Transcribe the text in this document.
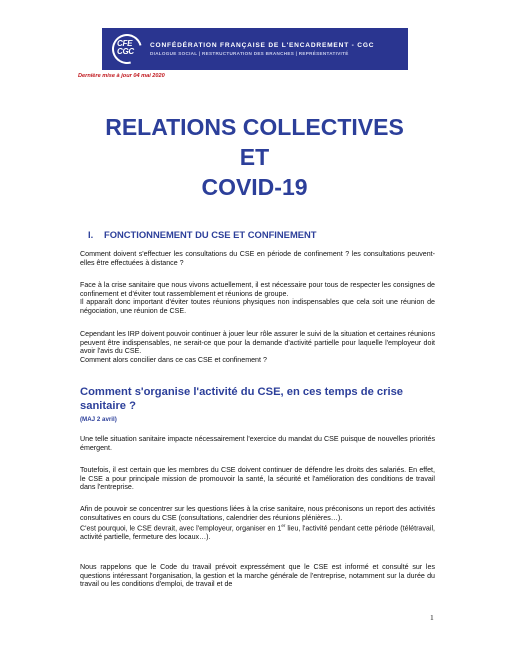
CFE CGC
CONFÉDÉRATION FRANÇAISE DE L'ENCADREMENT - CGC
DIALOGUE SOCIAL | RESTRUCTURATION DES BRANCHES | REPRÉSENTATIVITÉ
Dernière mise à jour 04 mai 2020
RELATIONS COLLECTIVES
ET
COVID-19
I. FONCTIONNEMENT DU CSE ET CONFINEMENT

Comment doivent s'effectuer les consultations du CSE en période de confinement ? les consultations peuvent-elles être effectuées à distance ?

Face à la crise sanitaire que nous vivons actuellement, il est nécessaire pour tous de respecter les consignes de confinement et d'éviter tout rassemblement et réunions de groupe.

Il apparaît donc important d'éviter toutes réunions physiques non indispensables que cela soit une réunion de négociation, une réunion de CSE.

Cependant les IRP doivent pouvoir continuer à jouer leur rôle assurer le suivi de la situation et certaines réunions peuvent être indispensables, ne serait-ce que pour la demande d'activité partielle pour laquelle l'employeur doit avoir l'avis du CSE.

Comment alors concilier dans ce cas CSE et confinement ?

Comment s'organise l'activité du CSE, en ces temps de crise sanitaire ?
(MAJ 2 avril)

Une telle situation sanitaire impacte nécessairement l'exercice du mandat du CSE puisque de nouvelles priorités émergent.

Toutefois, il est certain que les membres du CSE doivent continuer de défendre les droits des salariés. En effet, le CSE a pour principale mission de promouvoir la santé, la sécurité et l'amélioration des conditions de travail dans l'entreprise.

Afin de pouvoir se concentrer sur les questions liées à la crise sanitaire, nous préconisons un report des activités consultatives en cours du CSE (consultations, calendrier des réunions plénières…).

C'est pourquoi, le CSE devrait, avec l'employeur, organiser en 1er lieu, l'activité pendant cette période (télétravail, activité partielle, fermeture des locaux…).

Nous rappelons que le Code du travail prévoit expressément que le CSE est informé et consulté sur les questions intéressant l'organisation, la gestion et la marche générale de l'entreprise, notamment sur la durée du travail ou les conditions d'emploi, de travail et de

1
